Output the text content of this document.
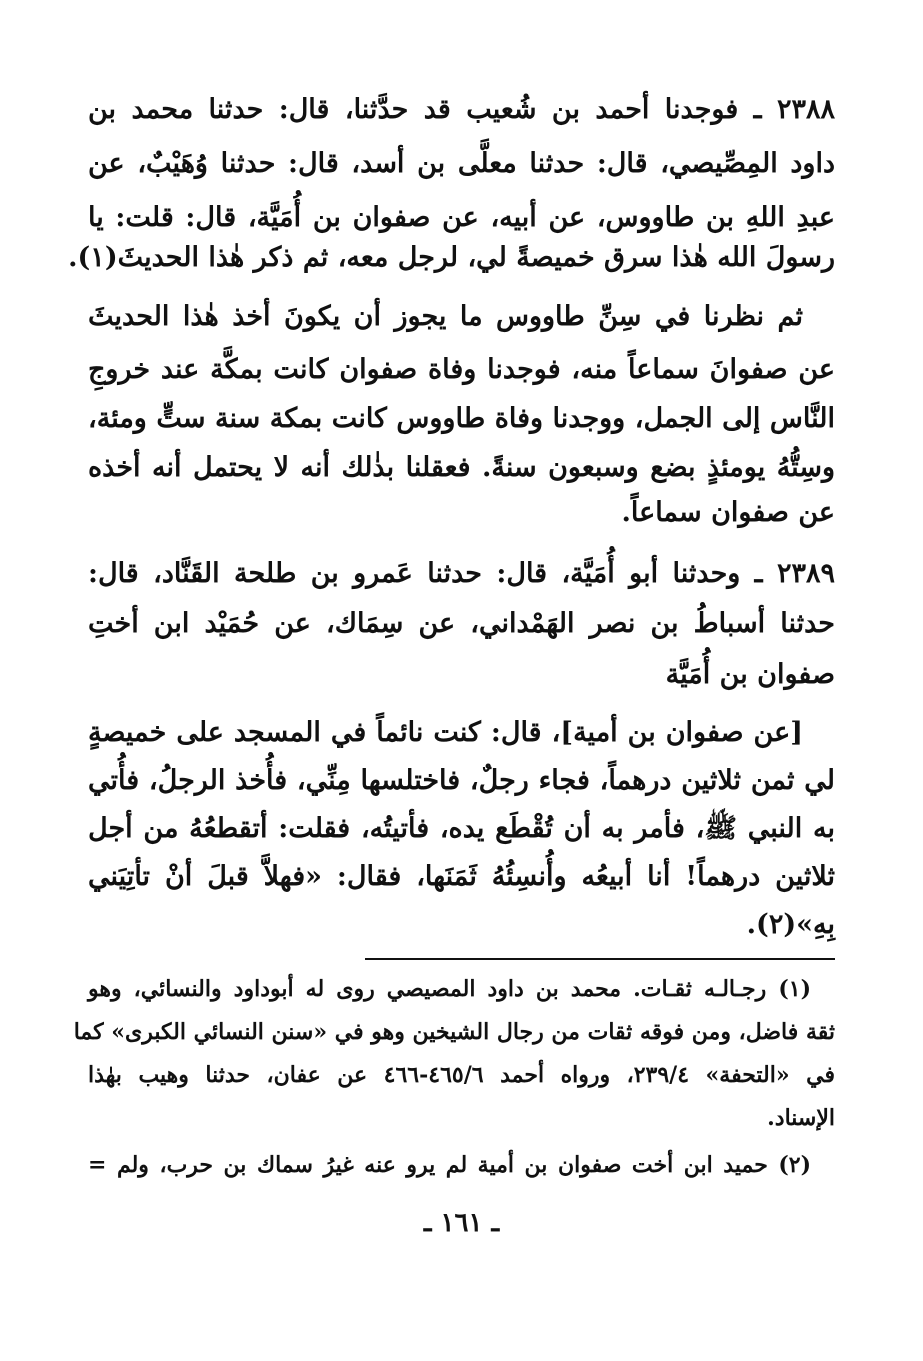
٢٣٨٨ ـ فوجدنا أحمد بن شُعيب قد حدَّثنا، قال: حدثنا محمد بن
داود المِصِّيصي، قال: حدثنا معلَّى بن أسد، قال: حدثنا وُهَيْبٌ، عن
عبدِ اللهِ بن طاووس، عن أبيه، عن صفوان بن أُمَيَّة، قال: قلت: يا
رسولَ الله هٰذا سرق خميصةً لي، لرجل معه، ثم ذكر هٰذا الحديثَ(١).
ثم نظرنا في سِنِّ طاووس ما يجوز أن يكونَ أخذ هٰذا الحديثَ
عن صفوانَ سماعاً منه، فوجدنا وفاة صفوان كانت بمكَّة عند خروجِ
النَّاس إلى الجمل، ووجدنا وفاة طاووس كانت بمكة سنة ستٍّ ومئة،
وسِتُّهُ يومئذٍ بضع وسبعون سنةً. فعقلنا بذٰلك أنه لا يحتمل أنه أخذه
عن صفوان سماعاً.
٢٣٨٩ ـ وحدثنا أبو أُمَيَّة، قال: حدثنا عَمرو بن طلحة القَنَّاد، قال:
حدثنا أسباطُ بن نصر الهَمْداني، عن سِمَاك، عن حُمَيْد ابن أختِ
صفوان بن أُمَيَّة
[عن صفوان بن أمية]، قال: كنت نائماً في المسجد على خميصةٍ
لي ثمن ثلاثين درهماً، فجاء رجلٌ، فاختلسها مِنِّي، فأُخذ الرجلُ، فأُتي
به النبي ﷺ، فأمر به أن تُقْطَع يده، فأتيتُه، فقلت: أتقطعُهُ من أجل
ثلاثين درهماً! أنا أبيعُه وأُنسِئُهُ ثَمَنَها، فقال: «فهلاَّ قبلَ أنْ تأتِيَني
بِهِ»(٢).
(١) رجـالـه ثقـات. محمد بن داود المصيصي روى له أبوداود والنسائي، وهو
ثقة فاضل، ومن فوقه ثقات من رجال الشيخين وهو في «سنن النسائي الكبرى» كما
في «التحفة» ٢٣٩/٤، ورواه أحمد ٤٦٥/٦-٤٦٦ عن عفان، حدثنا وهيب بهٰذا
الإسناد.
(٢) حميد ابن أخت صفوان بن أمية لم يرو عنه غيرُ سماك بن حرب، ولم =
ـ ١٦١ ـ
